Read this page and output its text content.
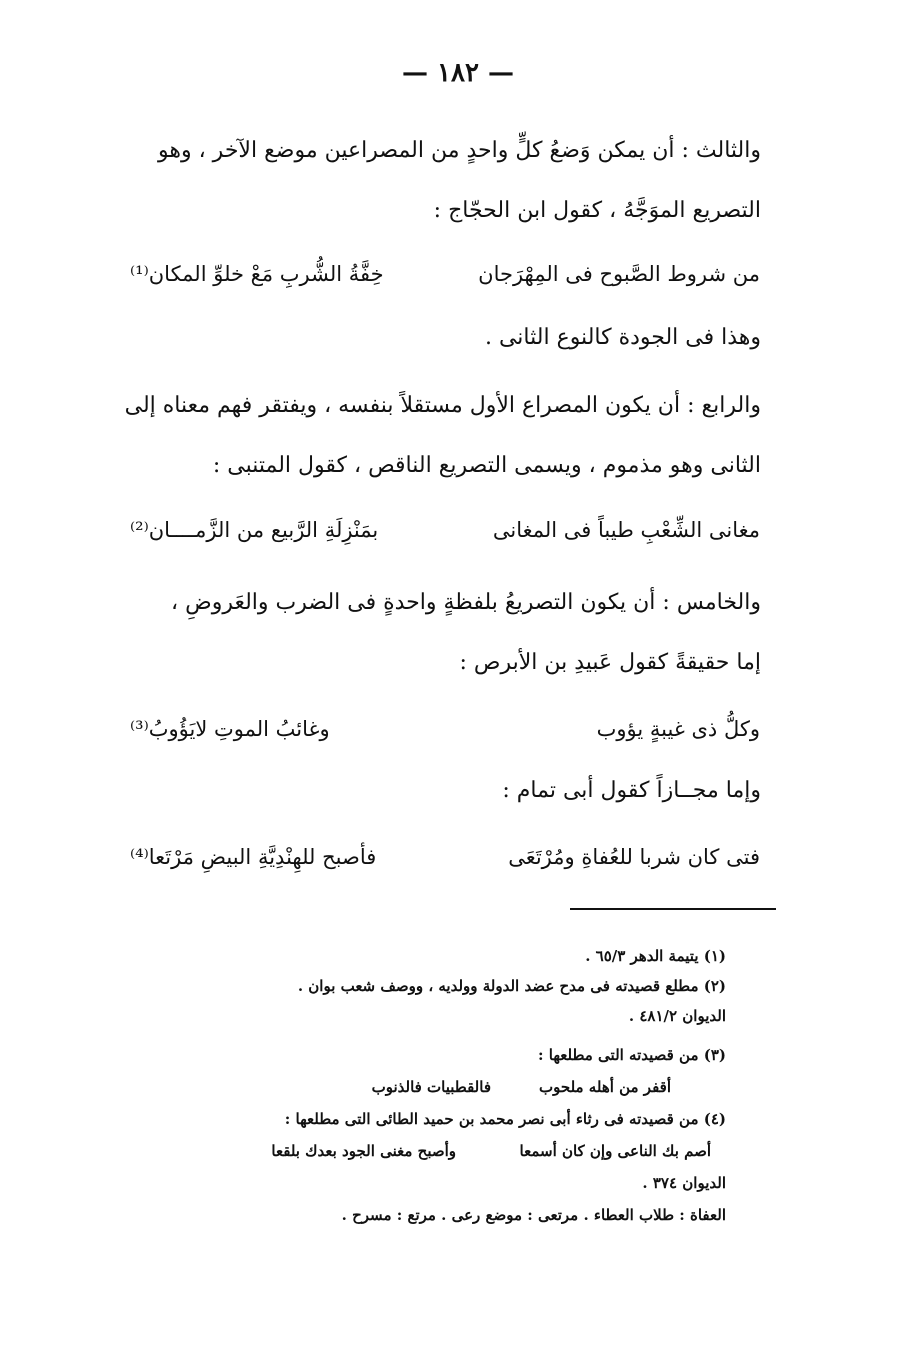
— ١٨٢ —
والثالث : أن يمكن وَضعُ كلٍّ واحدٍ من المصراعين موضع الآخر ، وهو
التصريع الموَجَّهُ ، كقول ابن الحجّاج :
من شروط الصَّبوح فى المِهْرَجان
خِفَّةُ الشُّربِ مَعْ خلوِّ المكان⁽¹⁾
وهذا فى الجودة كالنوع الثانى .
والرابع : أن يكون المصراع الأول مستقلاً بنفسه ، ويفتقر فهم معناه إلى
الثانى وهو مذموم ، ويسمى التصريع الناقص ، كقول المتنبى :
مغانى الشِّعْبِ طيباً فى المغانى
بمَنْزِلَةِ الرَّبيع من الزَّمــــان⁽²⁾
والخامس : أن يكون التصريعُ بلفظةٍ واحدةٍ فى الضرب والعَروضِ ،
إما حقيقةً كقول عَبيدِ بن الأبرص :
وكلُّ ذى غيبةٍ يؤوب
وغائبُ الموتِ لايَؤُوبُ⁽³⁾
وإما مجــازاً كقول أبى تمام :
فتى كان شربا للعُفاةِ ومُرْتَعَى
فأصبح للهِنْدِيَّةِ البيضِ مَرْتَعا⁽⁴⁾
(١) يتيمة الدهر ٦٥/٣ .
(٢) مطلع قصيدته فى مدح عضد الدولة وولديه ، ووصف شعب بوان .
الديوان ٤٨١/٢ .
(٣) من قصيدته التى مطلعها :
أقفر من أهله ملحوب
فالقطبيات فالذنوب
(٤) من قصيدته فى رثاء أبى نصر محمد بن حميد الطائى التى مطلعها :
أصم بك الناعى وإن كان أسمعا
وأصبح مغنى الجود بعدك بلقعا
الديوان ٣٧٤ .
العفاة : طلاب العطاء . مرتعى : موضع رعى . مرتع : مسرح .
